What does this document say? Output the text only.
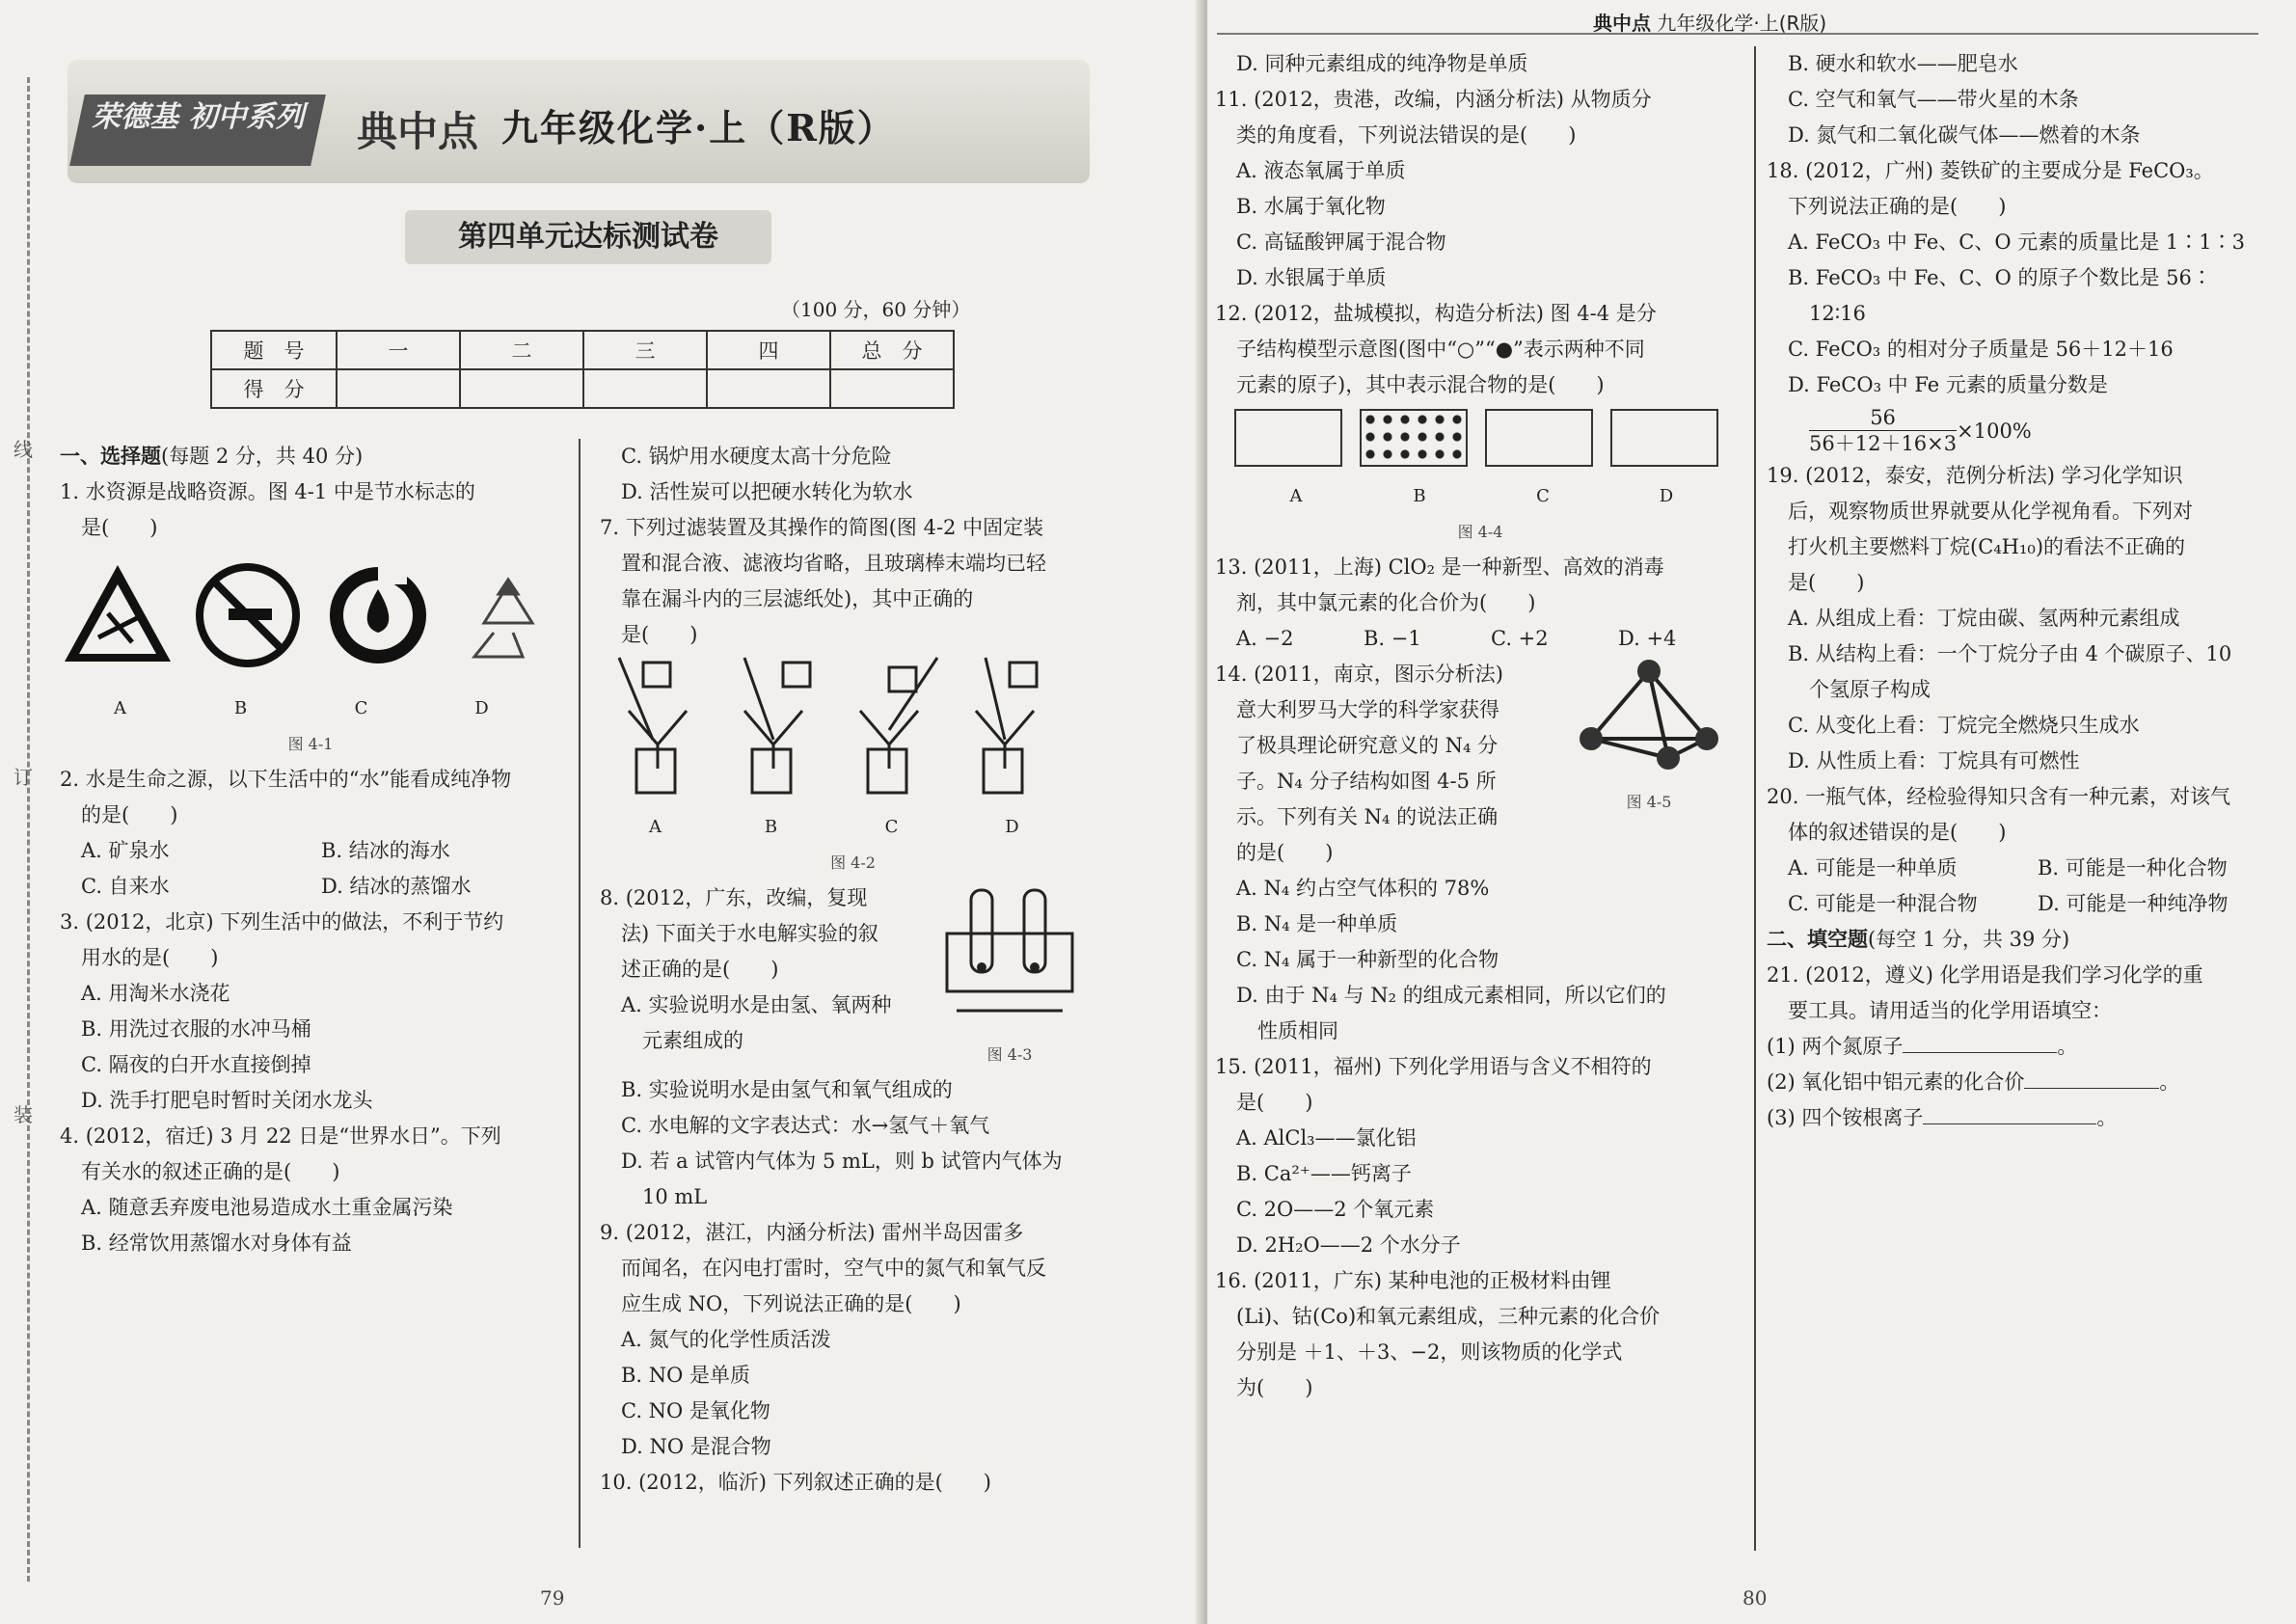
线
订
装
荣德基 初中系列 典中点 九年级化学·上（R版）
第四单元达标测试卷
（100 分，60 分钟）
题　号	一	二	三	四	总　分
得　分					

一、选择题(每题 2 分，共 40 分)

1. 水资源是战略资源。图 4-1 中是节水标志的

是(　　)

A	B	C	D

图 4-1

2. 水是生命之源，以下生活中的“水”能看成纯净物

的是(　　)

A. 矿泉水	B. 结冰的海水
C. 自来水	D. 结冰的蒸馏水

3. (2012，北京) 下列生活中的做法，不利于节约

用水的是(　　)

A. 用淘米水浇花

B. 用洗过衣服的水冲马桶

C. 隔夜的白开水直接倒掉

D. 洗手打肥皂时暂时关闭水龙头

4. (2012，宿迁) 3 月 22 日是“世界水日”。下列

有关水的叙述正确的是(　　)

A. 随意丢弃废电池易造成水土重金属污染

B. 经常饮用蒸馏水对身体有益

C. 锅炉用水硬度太高十分危险

D. 活性炭可以把硬水转化为软水

7. 下列过滤装置及其操作的简图(图 4-2 中固定装

置和混合液、滤液均省略，且玻璃棒末端均已轻

靠在漏斗内的三层滤纸处)，其中正确的

是(　　)

A	B	C	D

图 4-2

8. (2012，广东，改编，复现

法) 下面关于水电解实验的叙

述正确的是(　　)

A. 实验说明水是由氢、氧两种

元素组成的

图 4-3

B. 实验说明水是由氢气和氧气组成的

C. 水电解的文字表达式：水→氢气＋氧气

D. 若 a 试管内气体为 5 mL，则 b 试管内气体为

10 mL

9. (2012，湛江，内涵分析法) 雷州半岛因雷多

而闻名，在闪电打雷时，空气中的氮气和氧气反

应生成 NO，下列说法正确的是(　　)

A. 氮气的化学性质活泼

B. NO 是单质

C. NO 是氧化物

D. NO 是混合物

10. (2012，临沂) 下列叙述正确的是(　　)

79
典中点 九年级化学·上(R版)

D. 同种元素组成的纯净物是单质

11. (2012，贵港，改编，内涵分析法) 从物质分

类的角度看，下列说法错误的是(　　)

A. 液态氧属于单质

B. 水属于氧化物

C. 高锰酸钾属于混合物

D. 水银属于单质

12. (2012，盐城模拟，构造分析法) 图 4-4 是分

子结构模型示意图(图中“○”“●”表示两种不同

元素的原子)，其中表示混合物的是(　　)

A	B	C	D

图 4-4

13. (2011，上海) ClO₂ 是一种新型、高效的消毒

剂，其中氯元素的化合价为(　　)

A. −2	B. −1	C. +2	D. +4

14. (2011，南京，图示分析法)

意大利罗马大学的科学家获得

了极具理论研究意义的 N₄ 分

子。N₄ 分子结构如图 4-5 所

示。下列有关 N₄ 的说法正确

的是(　　)

图 4-5

A. N₄ 约占空气体积的 78%

B. N₄ 是一种单质

C. N₄ 属于一种新型的化合物

D. 由于 N₄ 与 N₂ 的组成元素相同，所以它们的

性质相同

15. (2011，福州) 下列化学用语与含义不相符的

是(　　)

A. AlCl₃——氯化铝

B. Ca²⁺——钙离子

C. 2O——2 个氧元素

D. 2H₂O——2 个水分子

16. (2011，广东) 某种电池的正极材料由锂

(Li)、钴(Co)和氧元素组成，三种元素的化合价

分别是 ＋1、＋3、−2，则该物质的化学式

为(　　)

B. 硬水和软水——肥皂水

C. 空气和氧气——带火星的木条

D. 氮气和二氧化碳气体——燃着的木条

18. (2012，广州) 菱铁矿的主要成分是 FeCO₃。

下列说法正确的是(　　)

A. FeCO₃ 中 Fe、C、O 元素的质量比是 1∶1∶3

B. FeCO₃ 中 Fe、C、O 的原子个数比是 56∶

12∶16

C. FeCO₃ 的相对分子质量是 56＋12＋16

D. FeCO₃ 中 Fe 元素的质量分数是

$\frac{56}{56+12+16\times 3} \times 100\%$

19. (2012，泰安，范例分析法) 学习化学知识

后，观察物质世界就要从化学视角看。下列对

打火机主要燃料丁烷(C₄H₁₀)的看法不正确的

是(　　)

A. 从组成上看：丁烷由碳、氢两种元素组成

B. 从结构上看：一个丁烷分子由 4 个碳原子、10

个氢原子构成

C. 从变化上看：丁烷完全燃烧只生成水

D. 从性质上看：丁烷具有可燃性

20. 一瓶气体，经检验得知只含有一种元素，对该气

体的叙述错误的是(　　)

A. 可能是一种单质	B. 可能是一种化合物
C. 可能是一种混合物	D. 可能是一种纯净物

二、填空题(每空 1 分，共 39 分)

21. (2012，遵义) 化学用语是我们学习化学的重

要工具。请用适当的化学用语填空：

(1) 两个氮原子	。

(2) 氧化铝中铝元素的化合价	。

(3) 四个铵根离子	。

80
